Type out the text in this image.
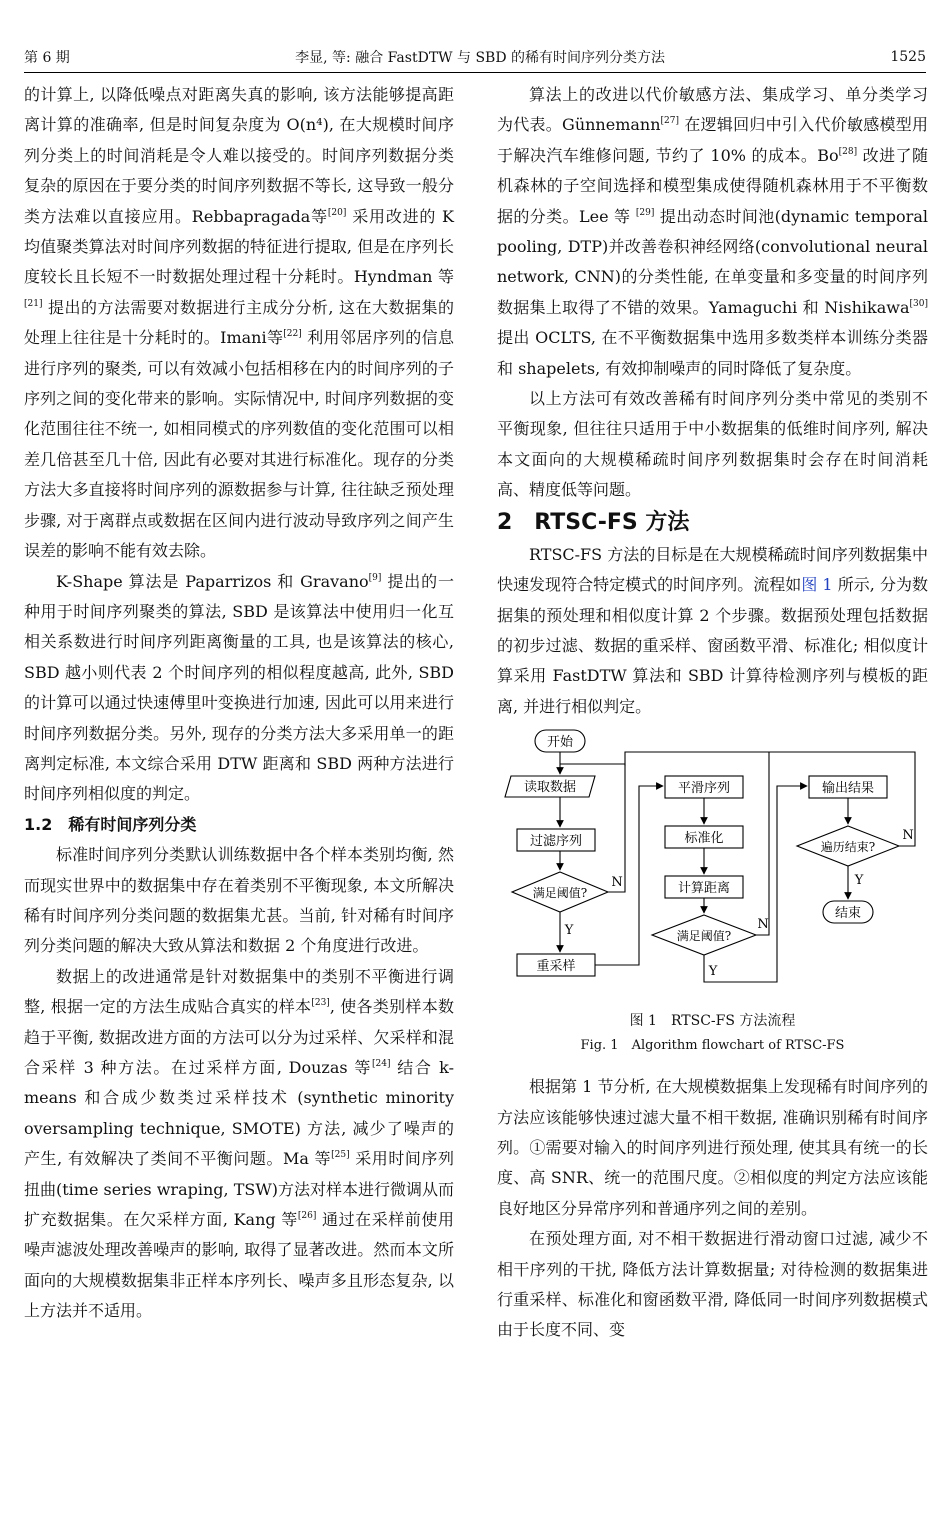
第 6 期	李显, 等: 融合 FastDTW 与 SBD 的稀有时间序列分类方法	1525

的计算上, 以降低噪点对距离失真的影响, 该方法能够提高距离计算的准确率, 但是时间复杂度为 O(n⁴), 在大规模时间序列分类上的时间消耗是令人难以接受的。时间序列数据分类复杂的原因在于要分类的时间序列数据不等长, 这导致一般分类方法难以直接应用。Rebbapragada等[20] 采用改进的 K 均值聚类算法对时间序列数据的特征进行提取, 但是在序列长度较长且长短不一时数据处理过程十分耗时。Hyndman 等[21] 提出的方法需要对数据进行主成分分析, 这在大数据集的处理上往往是十分耗时的。Imani等[22] 利用邻居序列的信息进行序列的聚类, 可以有效减小包括相移在内的时间序列的子序列之间的变化带来的影响。实际情况中, 时间序列数据的变化范围往往不统一, 如相同模式的序列数值的变化范围可以相差几倍甚至几十倍, 因此有必要对其进行标准化。现存的分类方法大多直接将时间序列的源数据参与计算, 往往缺乏预处理步骤, 对于离群点或数据在区间内进行波动导致序列之间产生误差的影响不能有效去除。

K-Shape 算法是 Paparrizos 和 Gravano[9] 提出的一种用于时间序列聚类的算法, SBD 是该算法中使用归一化互相关系数进行时间序列距离衡量的工具, 也是该算法的核心, SBD 越小则代表 2 个时间序列的相似程度越高, 此外, SBD 的计算可以通过快速傅里叶变换进行加速, 因此可以用来进行时间序列数据分类。另外, 现存的分类方法大多采用单一的距离判定标准, 本文综合采用 DTW 距离和 SBD 两种方法进行时间序列相似度的判定。

1.2　稀有时间序列分类

标准时间序列分类默认训练数据中各个样本类别均衡, 然而现实世界中的数据集中存在着类别不平衡现象, 本文所解决稀有时间序列分类问题的数据集尤甚。当前, 针对稀有时间序列分类问题的解决大致从算法和数据 2 个角度进行改进。

数据上的改进通常是针对数据集中的类别不平衡进行调整, 根据一定的方法生成贴合真实的样本[23], 使各类别样本数趋于平衡, 数据改进方面的方法可以分为过采样、欠采样和混合采样 3 种方法。在过采样方面, Douzas 等[24] 结合 k-means 和合成少数类过采样技术 (synthetic minority oversampling technique, SMOTE) 方法, 减少了噪声的产生, 有效解决了类间不平衡问题。Ma 等[25] 采用时间序列扭曲(time series wraping, TSW)方法对样本进行微调从而扩充数据集。在欠采样方面, Kang 等[26] 通过在采样前使用噪声滤波处理改善噪声的影响, 取得了显著改进。然而本文所面向的大规模数据集非正样本序列长、噪声多且形态复杂, 以上方法并不适用。

算法上的改进以代价敏感方法、集成学习、单分类学习为代表。Günnemann[27] 在逻辑回归中引入代价敏感模型用于解决汽车维修问题, 节约了 10% 的成本。Bo[28] 改进了随机森林的子空间选择和模型集成使得随机森林用于不平衡数据的分类。Lee 等 [29] 提出动态时间池(dynamic temporal pooling, DTP)并改善卷积神经网络(convolutional neural network, CNN)的分类性能, 在单变量和多变量的时间序列数据集上取得了不错的效果。Yamaguchi 和 Nishikawa[30] 提出 OCLTS, 在不平衡数据集中选用多数类样本训练分类器和 shapelets, 有效抑制噪声的同时降低了复杂度。

以上方法可有效改善稀有时间序列分类中常见的类别不平衡现象, 但往往只适用于中小数据集的低维时间序列, 解决本文面向的大规模稀疏时间序列数据集时会存在时间消耗高、精度低等问题。

2　RTSC-FS 方法

RTSC-FS 方法的目标是在大规模稀疏时间序列数据集中快速发现符合特定模式的时间序列。流程如图 1 所示, 分为数据集的预处理和相似度计算 2 个步骤。数据预处理包括数据的初步过滤、数据的重采样、窗函数平滑、标准化; 相似度计算采用 FastDTW 算法和 SBD 计算待检测序列与模板的距离, 并进行相似判定。

开始
读取数据
过滤序列
满足阈值?
重采样
平滑序列
标准化
计算距离
满足阈值?
输出结果
遍历结束?
结束
Y
N
Y
N
Y
N
图 1　RTSC-FS 方法流程
Fig. 1　Algorithm flowchart of RTSC-FS

根据第 1 节分析, 在大规模数据集上发现稀有时间序列的方法应该能够快速过滤大量不相干数据, 准确识别稀有时间序列。①需要对输入的时间序列进行预处理, 使其具有统一的长度、高 SNR、统一的范围尺度。②相似度的判定方法应该能良好地区分异常序列和普通序列之间的差别。

在预处理方面, 对不相干数据进行滑动窗口过滤, 减少不相干序列的干扰, 降低方法计算数据量; 对待检测的数据集进行重采样、标准化和窗函数平滑, 降低同一时间序列数据模式由于长度不同、变
